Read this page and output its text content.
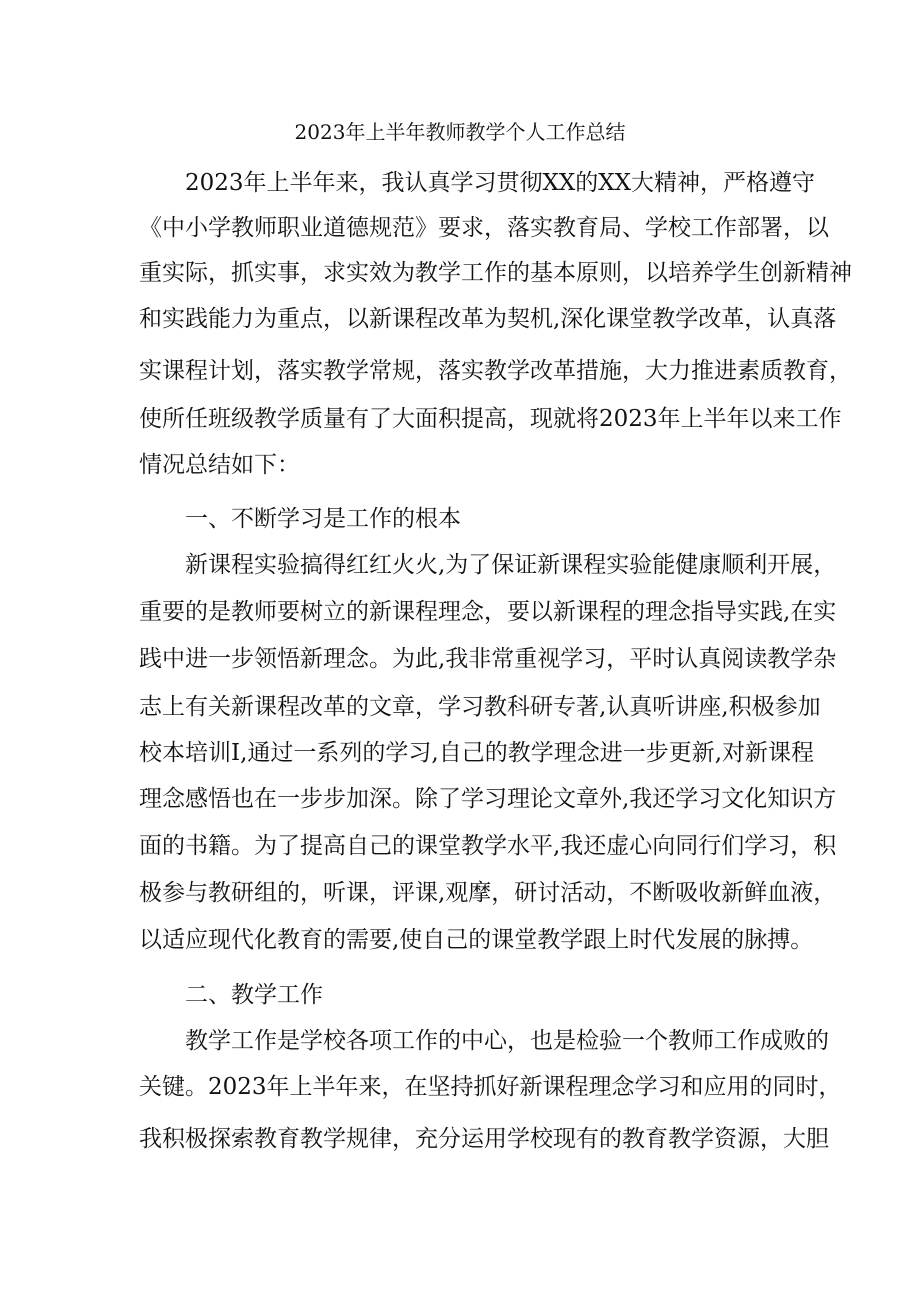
2023年上半年教师教学个人工作总结
2023年上半年来，我认真学习贯彻XX的XX大精神，严格遵守
《中小学教师职业道德规范》要求，落实教育局、学校工作部署，以
重实际，抓实事，求实效为教学工作的基本原则，以培养学生创新精神
和实践能力为重点，以新课程改革为契机,深化课堂教学改革，认真落
实课程计划，落实教学常规，落实教学改革措施，大力推进素质教育，
使所任班级教学质量有了大面积提高，现就将2023年上半年以来工作
情况总结如下：
一、不断学习是工作的根本
新课程实验搞得红红火火,为了保证新课程实验能健康顺利开展，
重要的是教师要树立的新课程理念，要以新课程的理念指导实践,在实
践中进一步领悟新理念。为此,我非常重视学习，平时认真阅读教学杂
志上有关新课程改革的文章，学习教科研专著,认真听讲座,积极参加
校本培训I,通过一系列的学习,自己的教学理念进一步更新,对新课程
理念感悟也在一步步加深。除了学习理论文章外,我还学习文化知识方
面的书籍。为了提高自己的课堂教学水平,我还虚心向同行们学习，积
极参与教研组的，听课，评课,观摩，研讨活动，不断吸收新鲜血液，
以适应现代化教育的需要,使自己的课堂教学跟上时代发展的脉搏。
二、教学工作
教学工作是学校各项工作的中心，也是检验一个教师工作成败的
关键。2023年上半年来，在坚持抓好新课程理念学习和应用的同时，
我积极探索教育教学规律，充分运用学校现有的教育教学资源，大胆
